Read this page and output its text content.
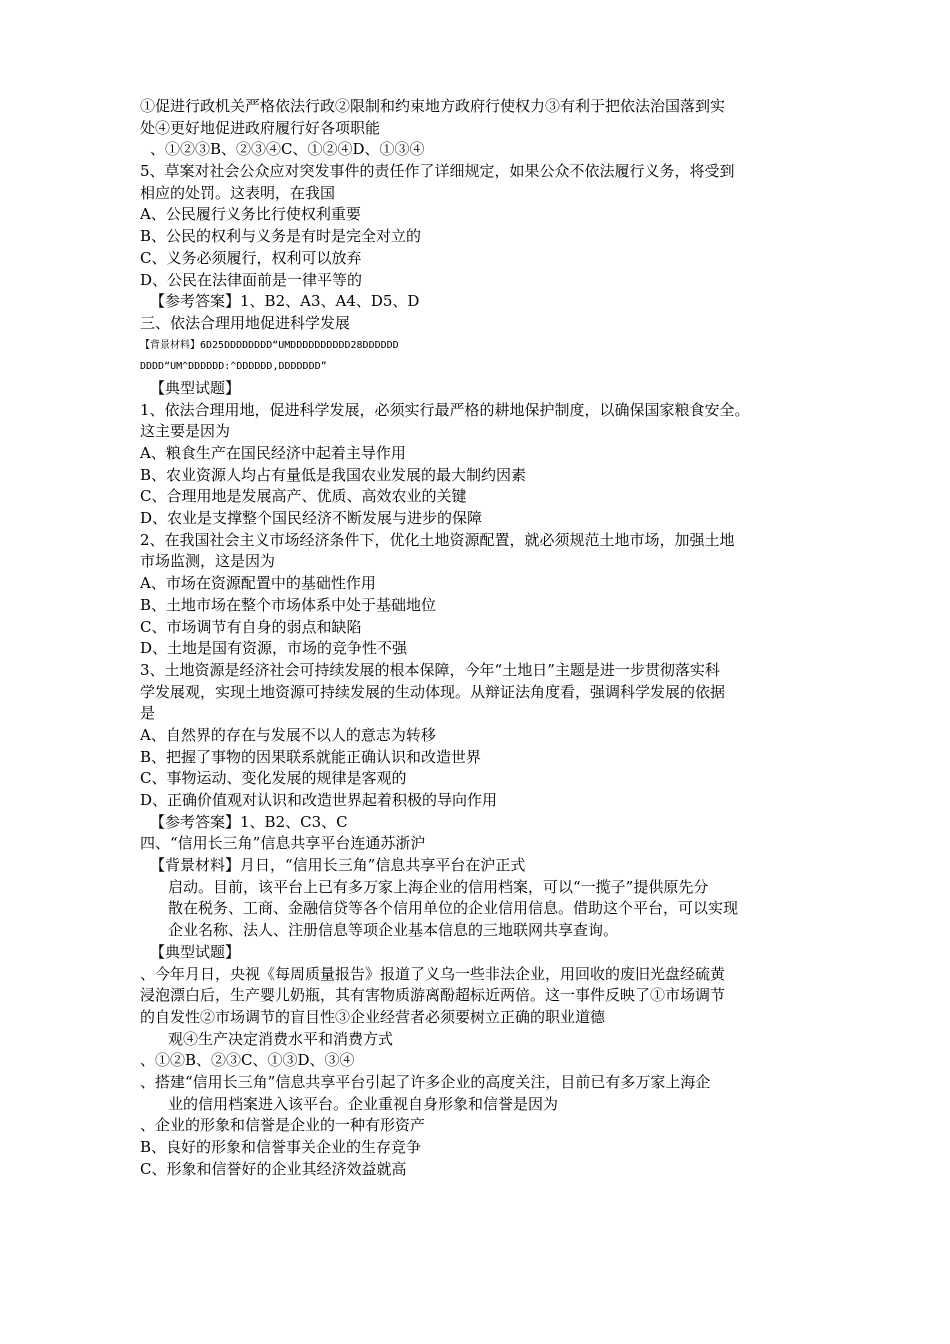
①促进行政机关严格依法行政②限制和约束地方政府行使权力③有利于把依法治国落到实
处④更好地促进政府履行好各项职能
、①②③B、②③④C、①②④D、①③④
5、草案对社会公众应对突发事件的责任作了详细规定，如果公众不依法履行义务，将受到
相应的处罚。这表明，在我国
A、公民履行义务比行使权利重要
B、公民的权利与义务是有时是完全对立的
C、义务必须履行，权利可以放弃
D、公民在法律面前是一律平等的
【参考答案】1、B2、A3、A4、D5、D
三、依法合理用地促进科学发展
【背景材料】6D25DDDDDDDD“UMDDDDDDDDDD28DDDDDD
DDDD“UM^DDDDDD:^DDDDDD,DDDDDDD”
【典型试题】
1、依法合理用地，促进科学发展，必须实行最严格的耕地保护制度，以确保国家粮食安全。
这主要是因为
A、粮食生产在国民经济中起着主导作用
B、农业资源人均占有量低是我国农业发展的最大制约因素
C、合理用地是发展高产、优质、高效农业的关键
D、农业是支撑整个国民经济不断发展与进步的保障
2、在我国社会主义市场经济条件下，优化土地资源配置，就必须规范土地市场，加强土地
市场监测，这是因为
A、市场在资源配置中的基础性作用
B、土地市场在整个市场体系中处于基础地位
C、市场调节有自身的弱点和缺陷
D、土地是国有资源，市场的竞争性不强
3、土地资源是经济社会可持续发展的根本保障，今年“土地日”主题是进一步贯彻落实科
学发展观，实现土地资源可持续发展的生动体现。从辩证法角度看，强调科学发展的依据
是
A、自然界的存在与发展不以人的意志为转移
B、把握了事物的因果联系就能正确认识和改造世界
C、事物运动、变化发展的规律是客观的
D、正确价值观对认识和改造世界起着积极的导向作用
【参考答案】1、B2、C3、C
四、“信用长三角”信息共享平台连通苏浙沪
【背景材料】月日，“信用长三角”信息共享平台在沪正式
启动。目前，该平台上已有多万家上海企业的信用档案，可以“一揽子”提供原先分
散在税务、工商、金融信贷等各个信用单位的企业信用信息。借助这个平台，可以实现
企业名称、法人、注册信息等项企业基本信息的三地联网共享查询。
【典型试题】
、今年月日，央视《每周质量报告》报道了义乌一些非法企业，用回收的废旧光盘经硫黄
浸泡漂白后，生产婴儿奶瓶，其有害物质游离酚超标近两倍。这一事件反映了①市场调节
的自发性②市场调节的盲目性③企业经营者必须要树立正确的职业道德
观④生产决定消费水平和消费方式
、①②B、②③C、①③D、③④
、搭建“信用长三角”信息共享平台引起了许多企业的高度关注，目前已有多万家上海企
业的信用档案进入该平台。企业重视自身形象和信誉是因为
、企业的形象和信誉是企业的一种有形资产
B、良好的形象和信誉事关企业的生存竞争
C、形象和信誉好的企业其经济效益就高
